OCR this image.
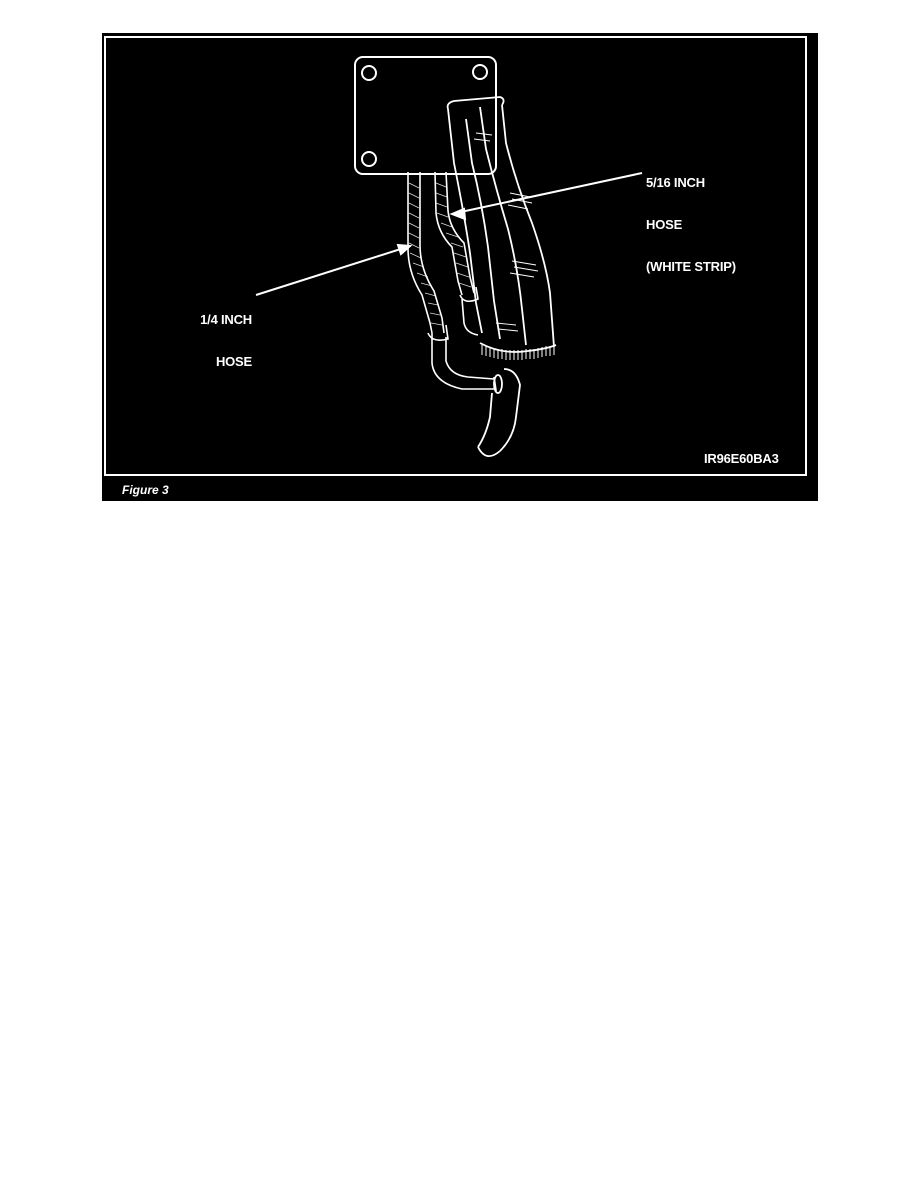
1/4 INCH

HOSE

5/16 INCH

HOSE

(WHITE STRIP)

IR96E60BA3
Figure 3
